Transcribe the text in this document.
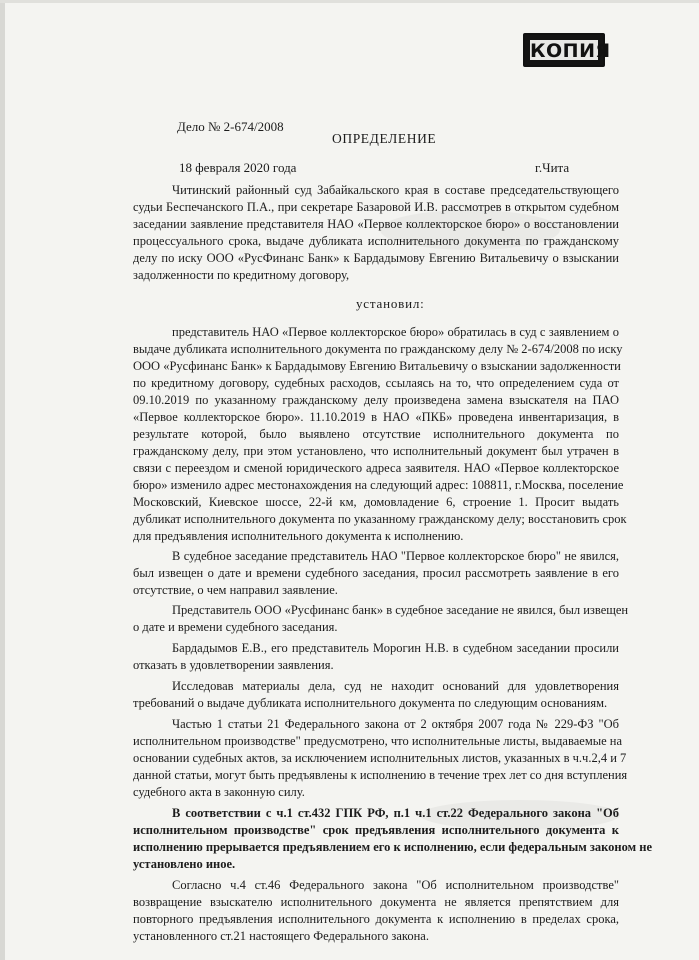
КОПИЯ
Дело № 2-674/2008
ОПРЕДЕЛЕНИЕ
18 февраля 2020 года	г.Чита
Читинский районный суд Забайкальского края в составе председательствующего
судьи Беспечанского П.А., при секретаре Базаровой И.В. рассмотрев в открытом судебном
заседании заявление представителя НАО «Первое коллекторское бюро» о восстановлении
процессуального срока, выдаче дубликата исполнительного документа по гражданскому
делу по иску ООО «РусФинанс Банк» к Бардадымову Евгению Витальевичу о взыскании
задолженности по кредитному договору,
установил:
представитель НАО «Первое коллекторское бюро» обратилась в суд с заявлением о
выдаче дубликата исполнительного документа по гражданскому делу № 2-674/2008 по иску
ООО «Русфинанс Банк» к Бардадымову Евгению Витальевичу о взыскании задолженности
по кредитному договору, судебных расходов, ссылаясь на то, что определением суда от
09.10.2019 по указанному гражданскому делу произведена замена взыскателя на ПАО
«Первое коллекторское бюро». 11.10.2019 в НАО «ПКБ» проведена инвентаризация, в
результате которой, было выявлено отсутствие исполнительного документа по
гражданскому делу, при этом установлено, что исполнительный документ был утрачен в
связи с переездом и сменой юридического адреса заявителя. НАО «Первое коллекторское
бюро» изменило адрес местонахождения на следующий адрес: 108811, г.Москва, поселение
Московский, Киевское шоссе, 22-й км, домовладение 6, строение 1. Просит выдать
дубликат исполнительного документа по указанному гражданскому делу; восстановить срок
для предъявления исполнительного документа к исполнению.
В судебное заседание представитель НАО "Первое коллекторское бюро" не явился,
был извещен о дате и времени судебного заседания, просил рассмотреть заявление в его
отсутствие, о чем направил заявление.
Представитель ООО «Русфинанс банк» в судебное заседание не явился, был извещен
о дате и времени судебного заседания.
Бардадымов Е.В., его представитель Морогин Н.В. в судебном заседании просили
отказать в удовлетворении заявления.
Исследовав материалы дела, суд не находит оснований для удовлетворения
требований о выдаче дубликата исполнительного документа по следующим основаниям.
Частью 1 статьи 21 Федерального закона от 2 октября 2007 года № 229-ФЗ "Об
исполнительном производстве" предусмотрено, что исполнительные листы, выдаваемые на
основании судебных актов, за исключением исполнительных листов, указанных в ч.ч.2,4 и 7
данной статьи, могут быть предъявлены к исполнению в течение трех лет со дня вступления
судебного акта в законную силу.
В соответствии с ч.1 ст.432 ГПК РФ, п.1 ч.1 ст.22 Федерального закона "Об
исполнительном производстве" срок предъявления исполнительного документа к
исполнению прерывается предъявлением его к исполнению, если федеральным законом не
установлено иное.
Согласно ч.4 ст.46 Федерального закона "Об исполнительном производстве"
возвращение взыскателю исполнительного документа не является препятствием для
повторного предъявления исполнительного документа к исполнению в пределах срока,
установленного ст.21 настоящего Федерального закона.
